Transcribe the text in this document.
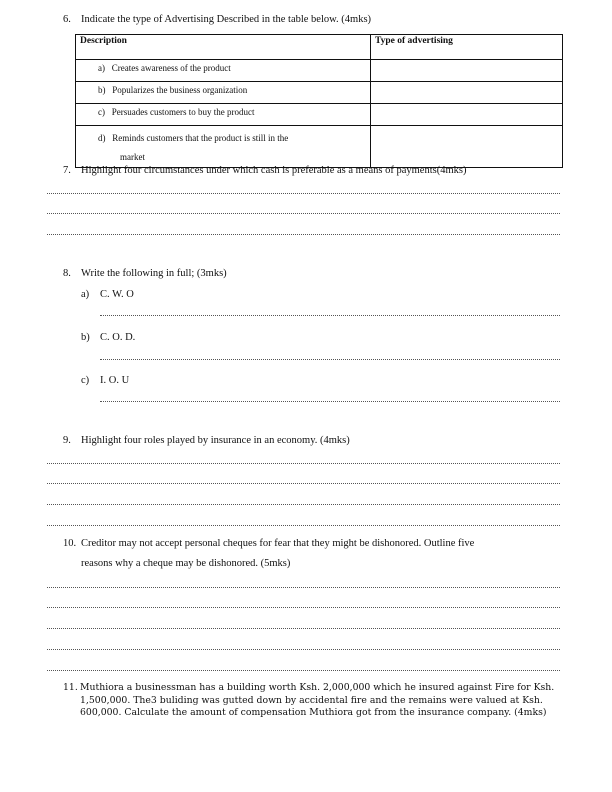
6. Indicate the type of Advertising Described in the table below. (4mks)
Description	Type of advertising
a) Creates awareness of the product	
b) Popularizes the business organization	
c) Persuades customers to buy the product	
d) Reminds customers that the product is still in the
market	
7. Highlight four circumstances under which cash is preferable as a means of payments(4mks)
8. Write the following in full; (3mks)
a) C. W. O
b) C. O. D.
c) I. O. U
9. Highlight four roles played by insurance in an economy. (4mks)
10. Creditor may not accept personal cheques for fear that they might be dishonored. Outline five
reasons why a cheque may be dishonored. (5mks)
11. Muthiora a businessman has a building worth Ksh. 2,000,000 which he insured against Fire for Ksh. 1,500,000. The3 buliding was gutted down by accidental fire and the remains were valued at Ksh. 600,000. Calculate the amount of compensation Muthiora got from the insurance company. (4mks)
